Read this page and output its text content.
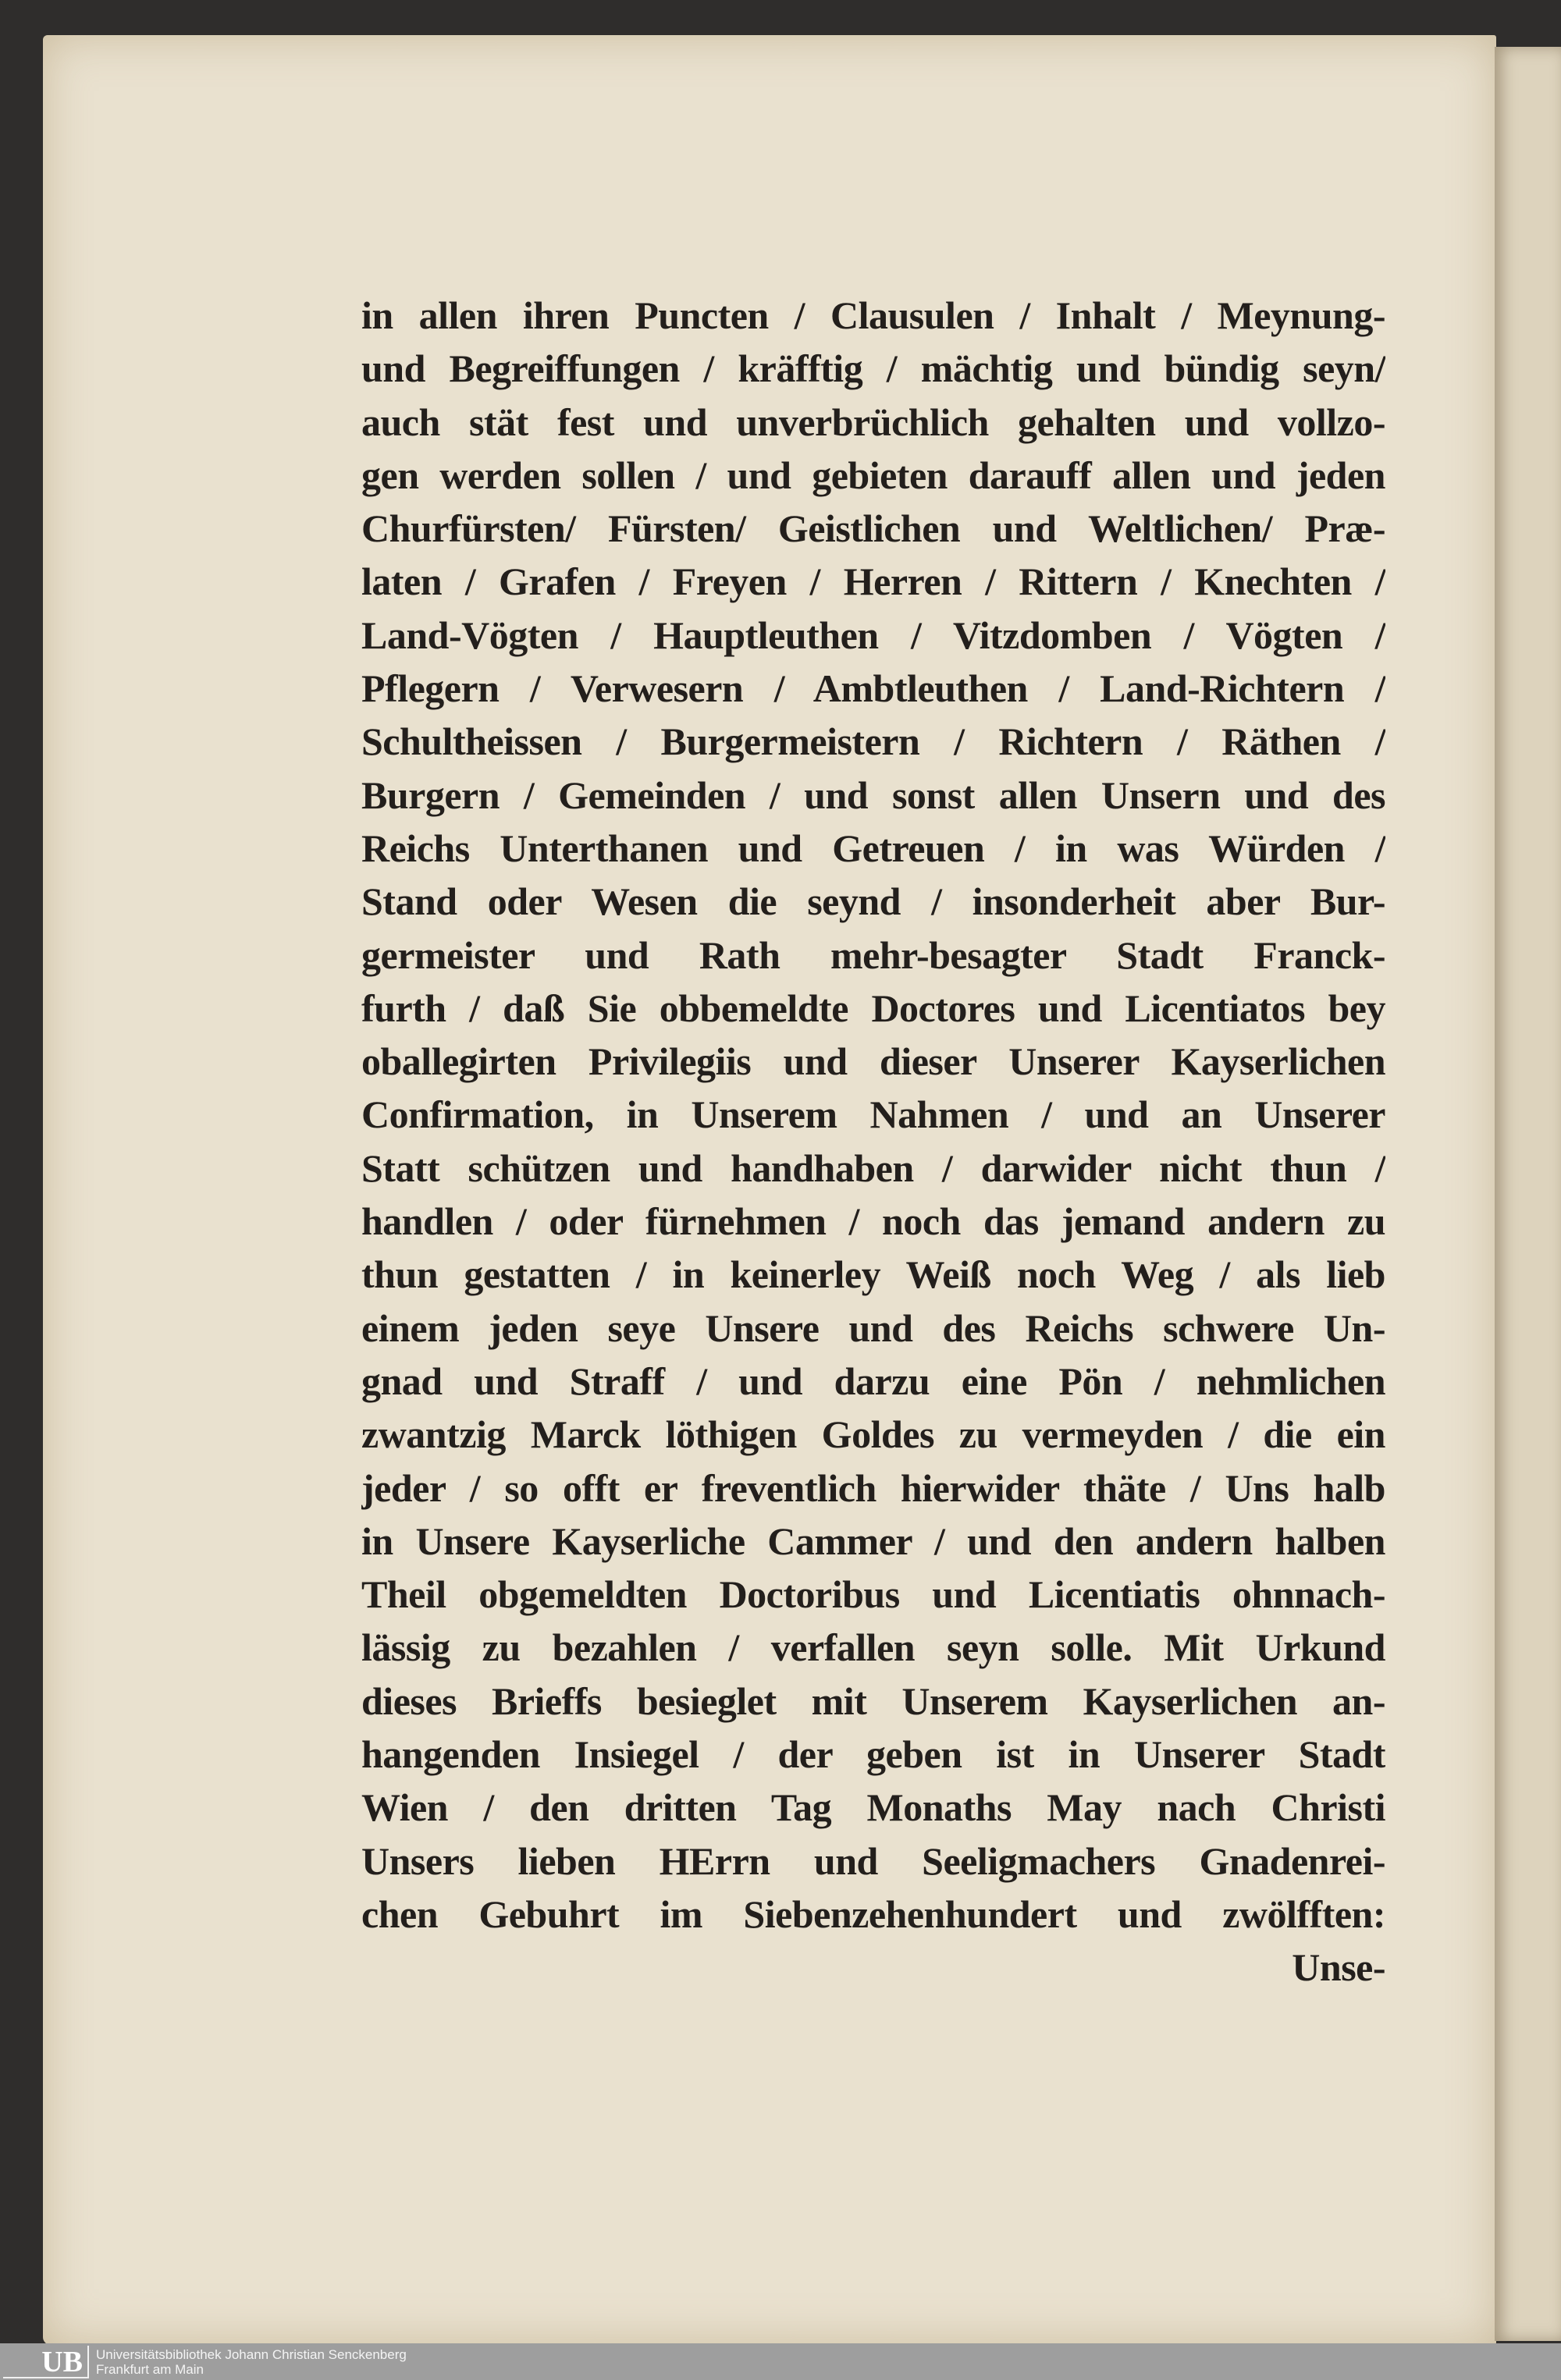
in allen ihren Puncten / Clausulen / Inhalt / Meynung-
und Begreiffungen / kräfftig / mächtig und bündig seyn/
auch stät fest und unverbrüchlich gehalten und vollzo-
gen werden sollen / und gebieten darauff allen und jeden
Churfürsten/ Fürsten/ Geistlichen und Weltlichen/ Præ-
laten / Grafen / Freyen / Herren / Rittern / Knechten /
Land-Vögten / Hauptleuthen / Vitzdomben / Vögten /
Pflegern / Verwesern / Ambtleuthen / Land-Richtern /
Schultheissen / Burgermeistern / Richtern / Räthen /
Burgern / Gemeinden / und sonst allen Unsern und des
Reichs Unterthanen und Getreuen / in was Würden /
Stand oder Wesen die seynd / insonderheit aber Bur-
germeister und Rath mehr-besagter Stadt Franck-
furth / daß Sie obbemeldte Doctores und Licentiatos bey
oballegirten Privilegiis und dieser Unserer Kayserlichen
Confirmation, in Unserem Nahmen / und an Unserer
Statt schützen und handhaben / darwider nicht thun /
handlen / oder fürnehmen / noch das jemand andern zu
thun gestatten / in keinerley Weiß noch Weg / als lieb
einem jeden seye Unsere und des Reichs schwere Un-
gnad und Straff / und darzu eine Pön / nehmlichen
zwantzig Marck löthigen Goldes zu vermeyden / die ein
jeder / so offt er freventlich hierwider thäte / Uns halb
in Unsere Kayserliche Cammer / und den andern halben
Theil obgemeldten Doctoribus und Licentiatis ohnnach-
lässig zu bezahlen / verfallen seyn solle. Mit Urkund
dieses Brieffs besieglet mit Unserem Kayserlichen an-
hangenden Insiegel / der geben ist in Unserer Stadt
Wien / den dritten Tag Monaths May nach Christi
Unsers lieben HErrn und Seeligmachers Gnadenrei-
chen Gebuhrt im Siebenzehenhundert und zwölfften:
Unse-
UB	Universitätsbibliothek Johann Christian Senckenberg
Frankfurt am Main
